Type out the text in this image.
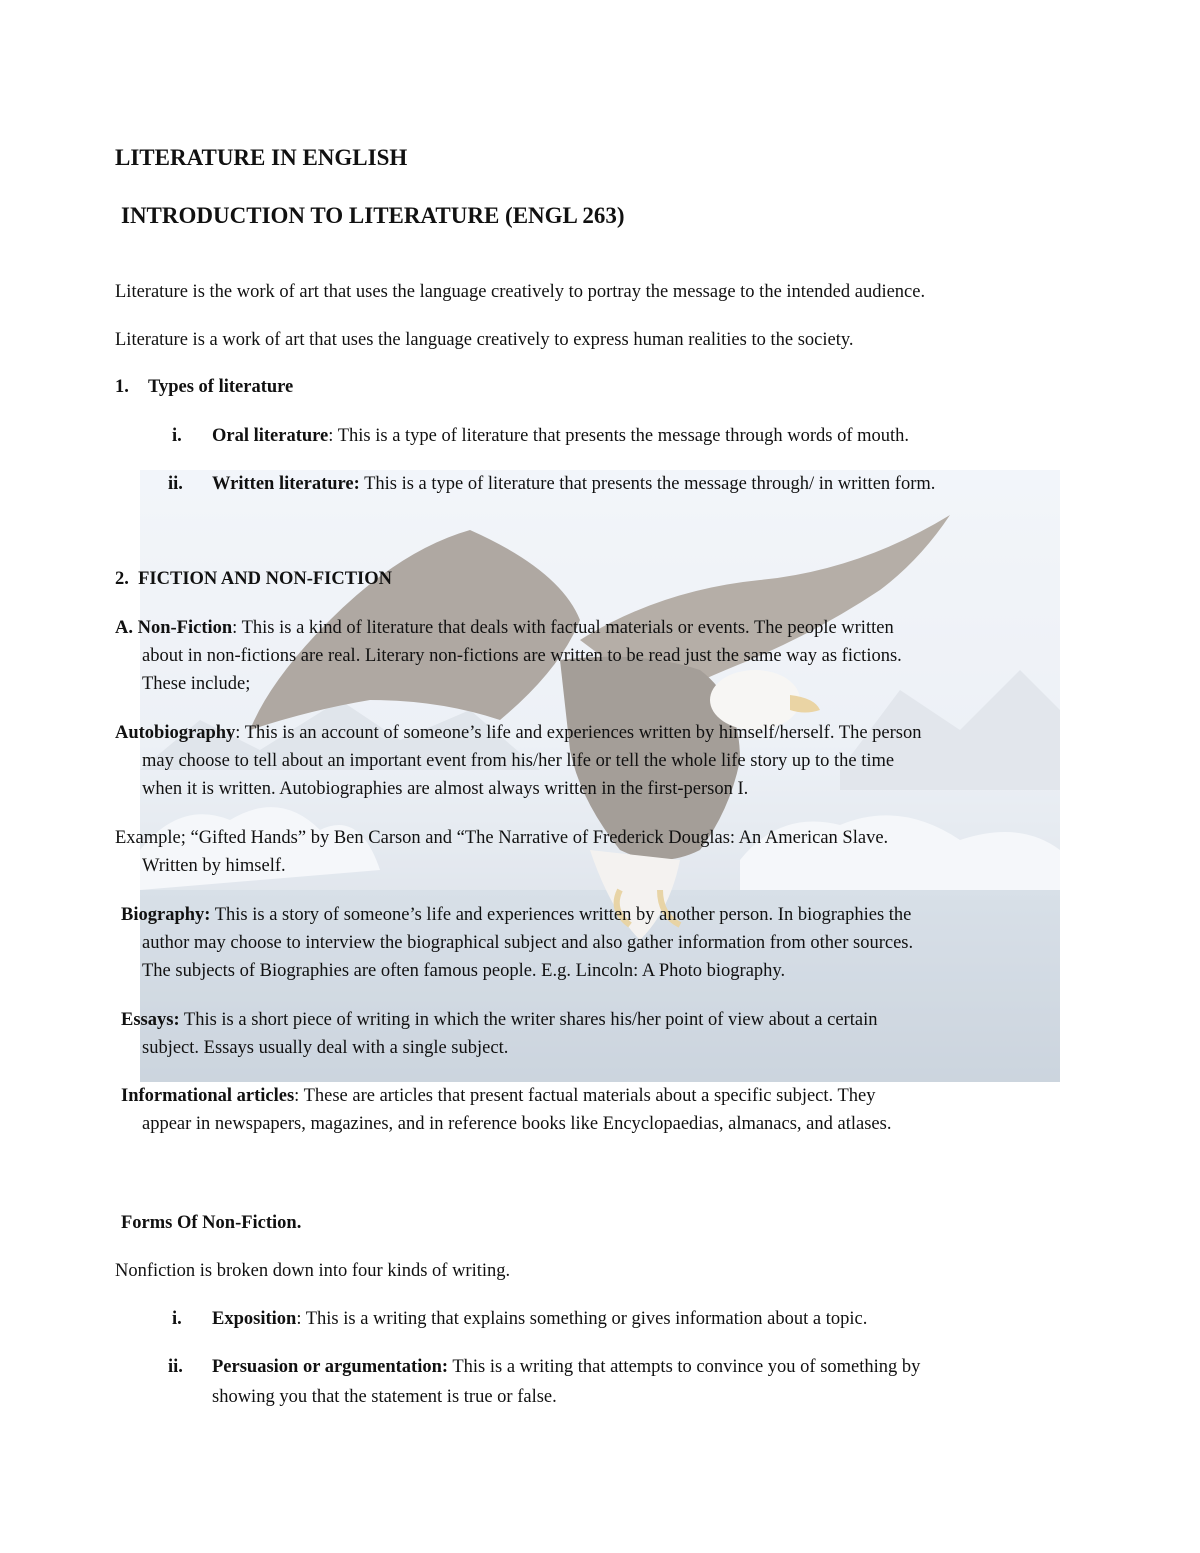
LITERATURE IN ENGLISH
INTRODUCTION TO LITERATURE (ENGL 263)
Literature is the work of art that uses the language creatively to portray the message to the intended audience.
Literature is a work of art that uses the language creatively to express human realities to the society.
1. Types of literature
i. Oral literature: This is a type of literature that presents the message through words of mouth.
ii. Written literature: This is a type of literature that presents the message through/ in written form.
2.  FICTION AND NON-FICTION
A. Non-Fiction: This is a kind of literature that deals with factual materials or events. The people written
about in non-fictions are real. Literary non-fictions are written to be read just the same way as fictions.
These include;
Autobiography: This is an account of someone’s life and experiences written by himself/herself. The person
may choose to tell about an important event from his/her life or tell the whole life story up to the time
when it is written. Autobiographies are almost always written in the first-person I.
Example; “Gifted Hands” by Ben Carson and “The Narrative of Frederick Douglas: An American Slave.
Written by himself.
Biography: This is a story of someone’s life and experiences written by another person. In biographies the
author may choose to interview the biographical subject and also gather information from other sources.
The subjects of Biographies are often famous people. E.g. Lincoln: A Photo biography.
Essays: This is a short piece of writing in which the writer shares his/her point of view about a certain
subject. Essays usually deal with a single subject.
Informational articles: These are articles that present factual materials about a specific subject. They
appear in newspapers, magazines, and in reference books like Encyclopaedias, almanacs, and atlases.
Forms Of Non-Fiction.
Nonfiction is broken down into four kinds of writing.
i. Exposition: This is a writing that explains something or gives information about a topic.
ii. Persuasion or argumentation: This is a writing that attempts to convince you of something by
showing you that the statement is true or false.
